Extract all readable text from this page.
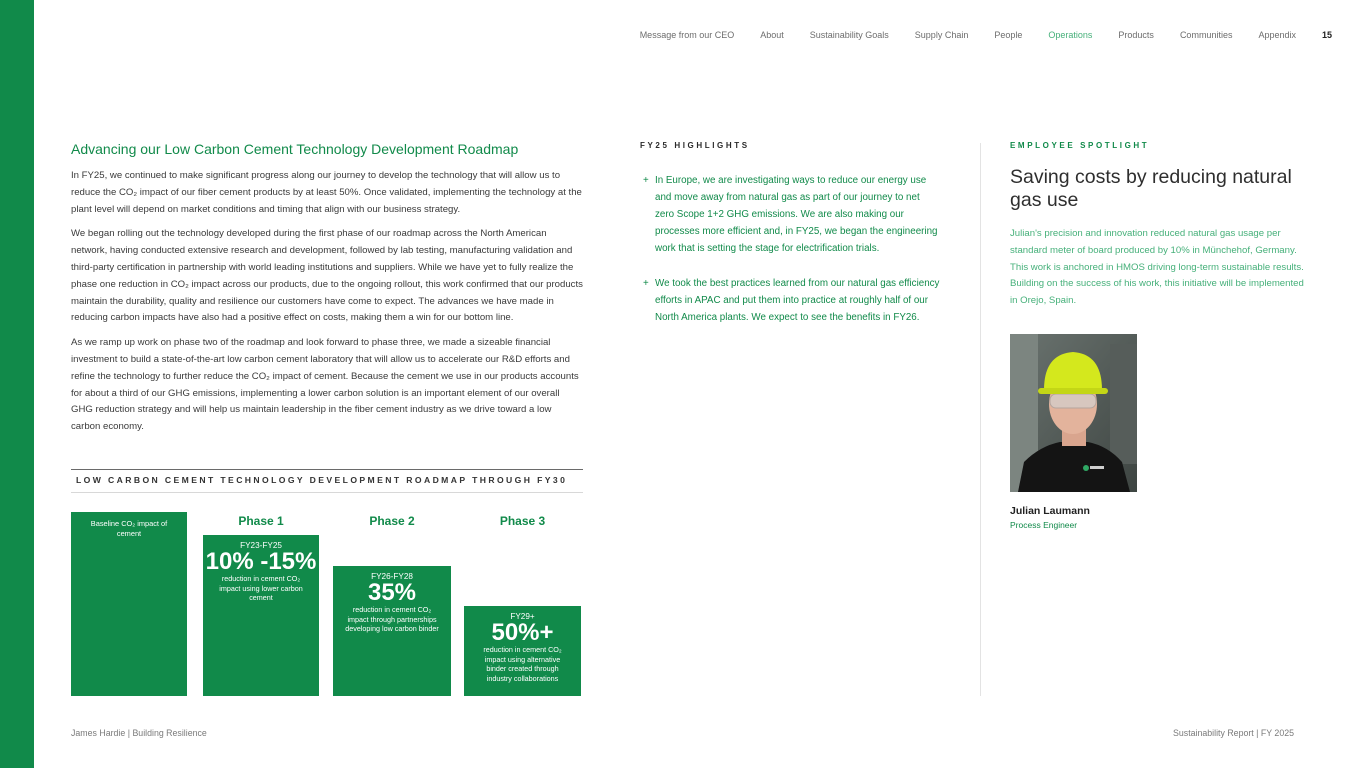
Message from our CEO	About	Sustainability Goals	Supply Chain	People	Operations	Products	Communities	Appendix	15
Advancing our Low Carbon Cement Technology Development Roadmap

In FY25, we continued to make significant progress along our journey to develop the technology that will allow us to reduce the CO₂ impact of our fiber cement products by at least 50%. Once validated, implementing the technology at the plant level will depend on market conditions and timing that align with our business strategy.

We began rolling out the technology developed during the first phase of our roadmap across the North American network, having conducted extensive research and development, followed by lab testing, manufacturing validation and third-party certification in partnership with world leading institutions and suppliers. While we have yet to fully realize the phase one reduction in CO₂ impact across our products, due to the ongoing rollout, this work confirmed that our products maintain the durability, quality and resilience our customers have come to expect. The advances we have made in reducing carbon impacts have also had a positive effect on costs, making them a win for our bottom line.

As we ramp up work on phase two of the roadmap and look forward to phase three, we made a sizeable financial investment to build a state-of-the-art low carbon cement laboratory that will allow us to accelerate our R&D efforts and refine the technology to further reduce the CO₂ impact of cement. Because the cement we use in our products accounts for about a third of our GHG emissions, implementing a lower carbon solution is an important element of our overall GHG reduction strategy and will help us maintain leadership in the fiber cement industry as we drive toward a low carbon economy.

LOW CARBON CEMENT TECHNOLOGY DEVELOPMENT ROADMAP THROUGH FY30
Baseline CO₂ impact of cement
Phase 1
FY23-FY25
10% -15%
reduction in cement CO₂ impact using lower carbon cement
Phase 2
FY26-FY28
35%
reduction in cement CO₂ impact through partnerships developing low carbon binder
Phase 3
FY29+
50%+
reduction in cement CO₂ impact using alternative binder created through industry collaborations

FY25 HIGHLIGHTS

+ In Europe, we are investigating ways to reduce our energy use and move away from natural gas as part of our journey to net zero Scope 1+2 GHG emissions. We are also making our processes more efficient and, in FY25, we began the engineering work that is setting the stage for electrification trials.
+ We took the best practices learned from our natural gas efficiency efforts in APAC and put them into practice at roughly half of our North America plants. We expect to see the benefits in FY26.

EMPLOYEE SPOTLIGHT

Saving costs by reducing natural gas use

Julian's precision and innovation reduced natural gas usage per standard meter of board produced by 10% in Münchehof, Germany. This work is anchored in HMOS driving long-term sustainable results. Building on the success of his work, this initiative will be implemented in Orejo, Spain.

Julian Laumann
Process Engineer
James Hardie | Building Resilience	Sustainability Report | FY 2025
